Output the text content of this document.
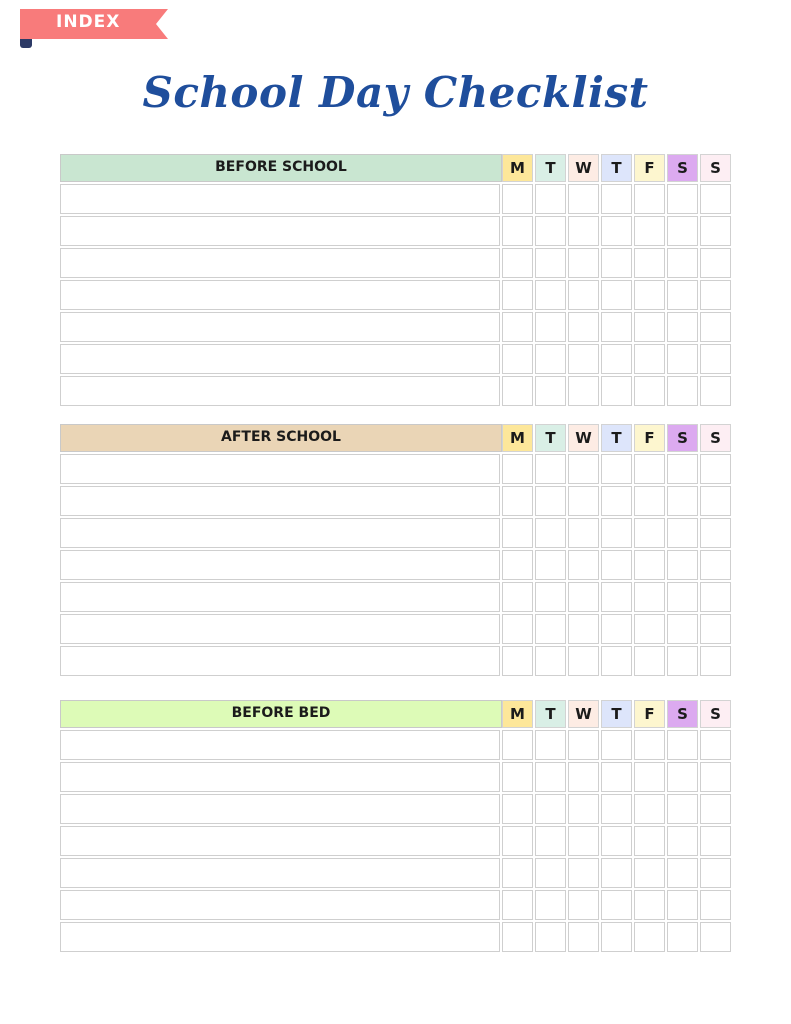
INDEX
School Day Checklist
BEFORE SCHOOL	M	T	W	T	F	S	S
AFTER SCHOOL	M	T	W	T	F	S	S
BEFORE BED	M	T	W	T	F	S	S
